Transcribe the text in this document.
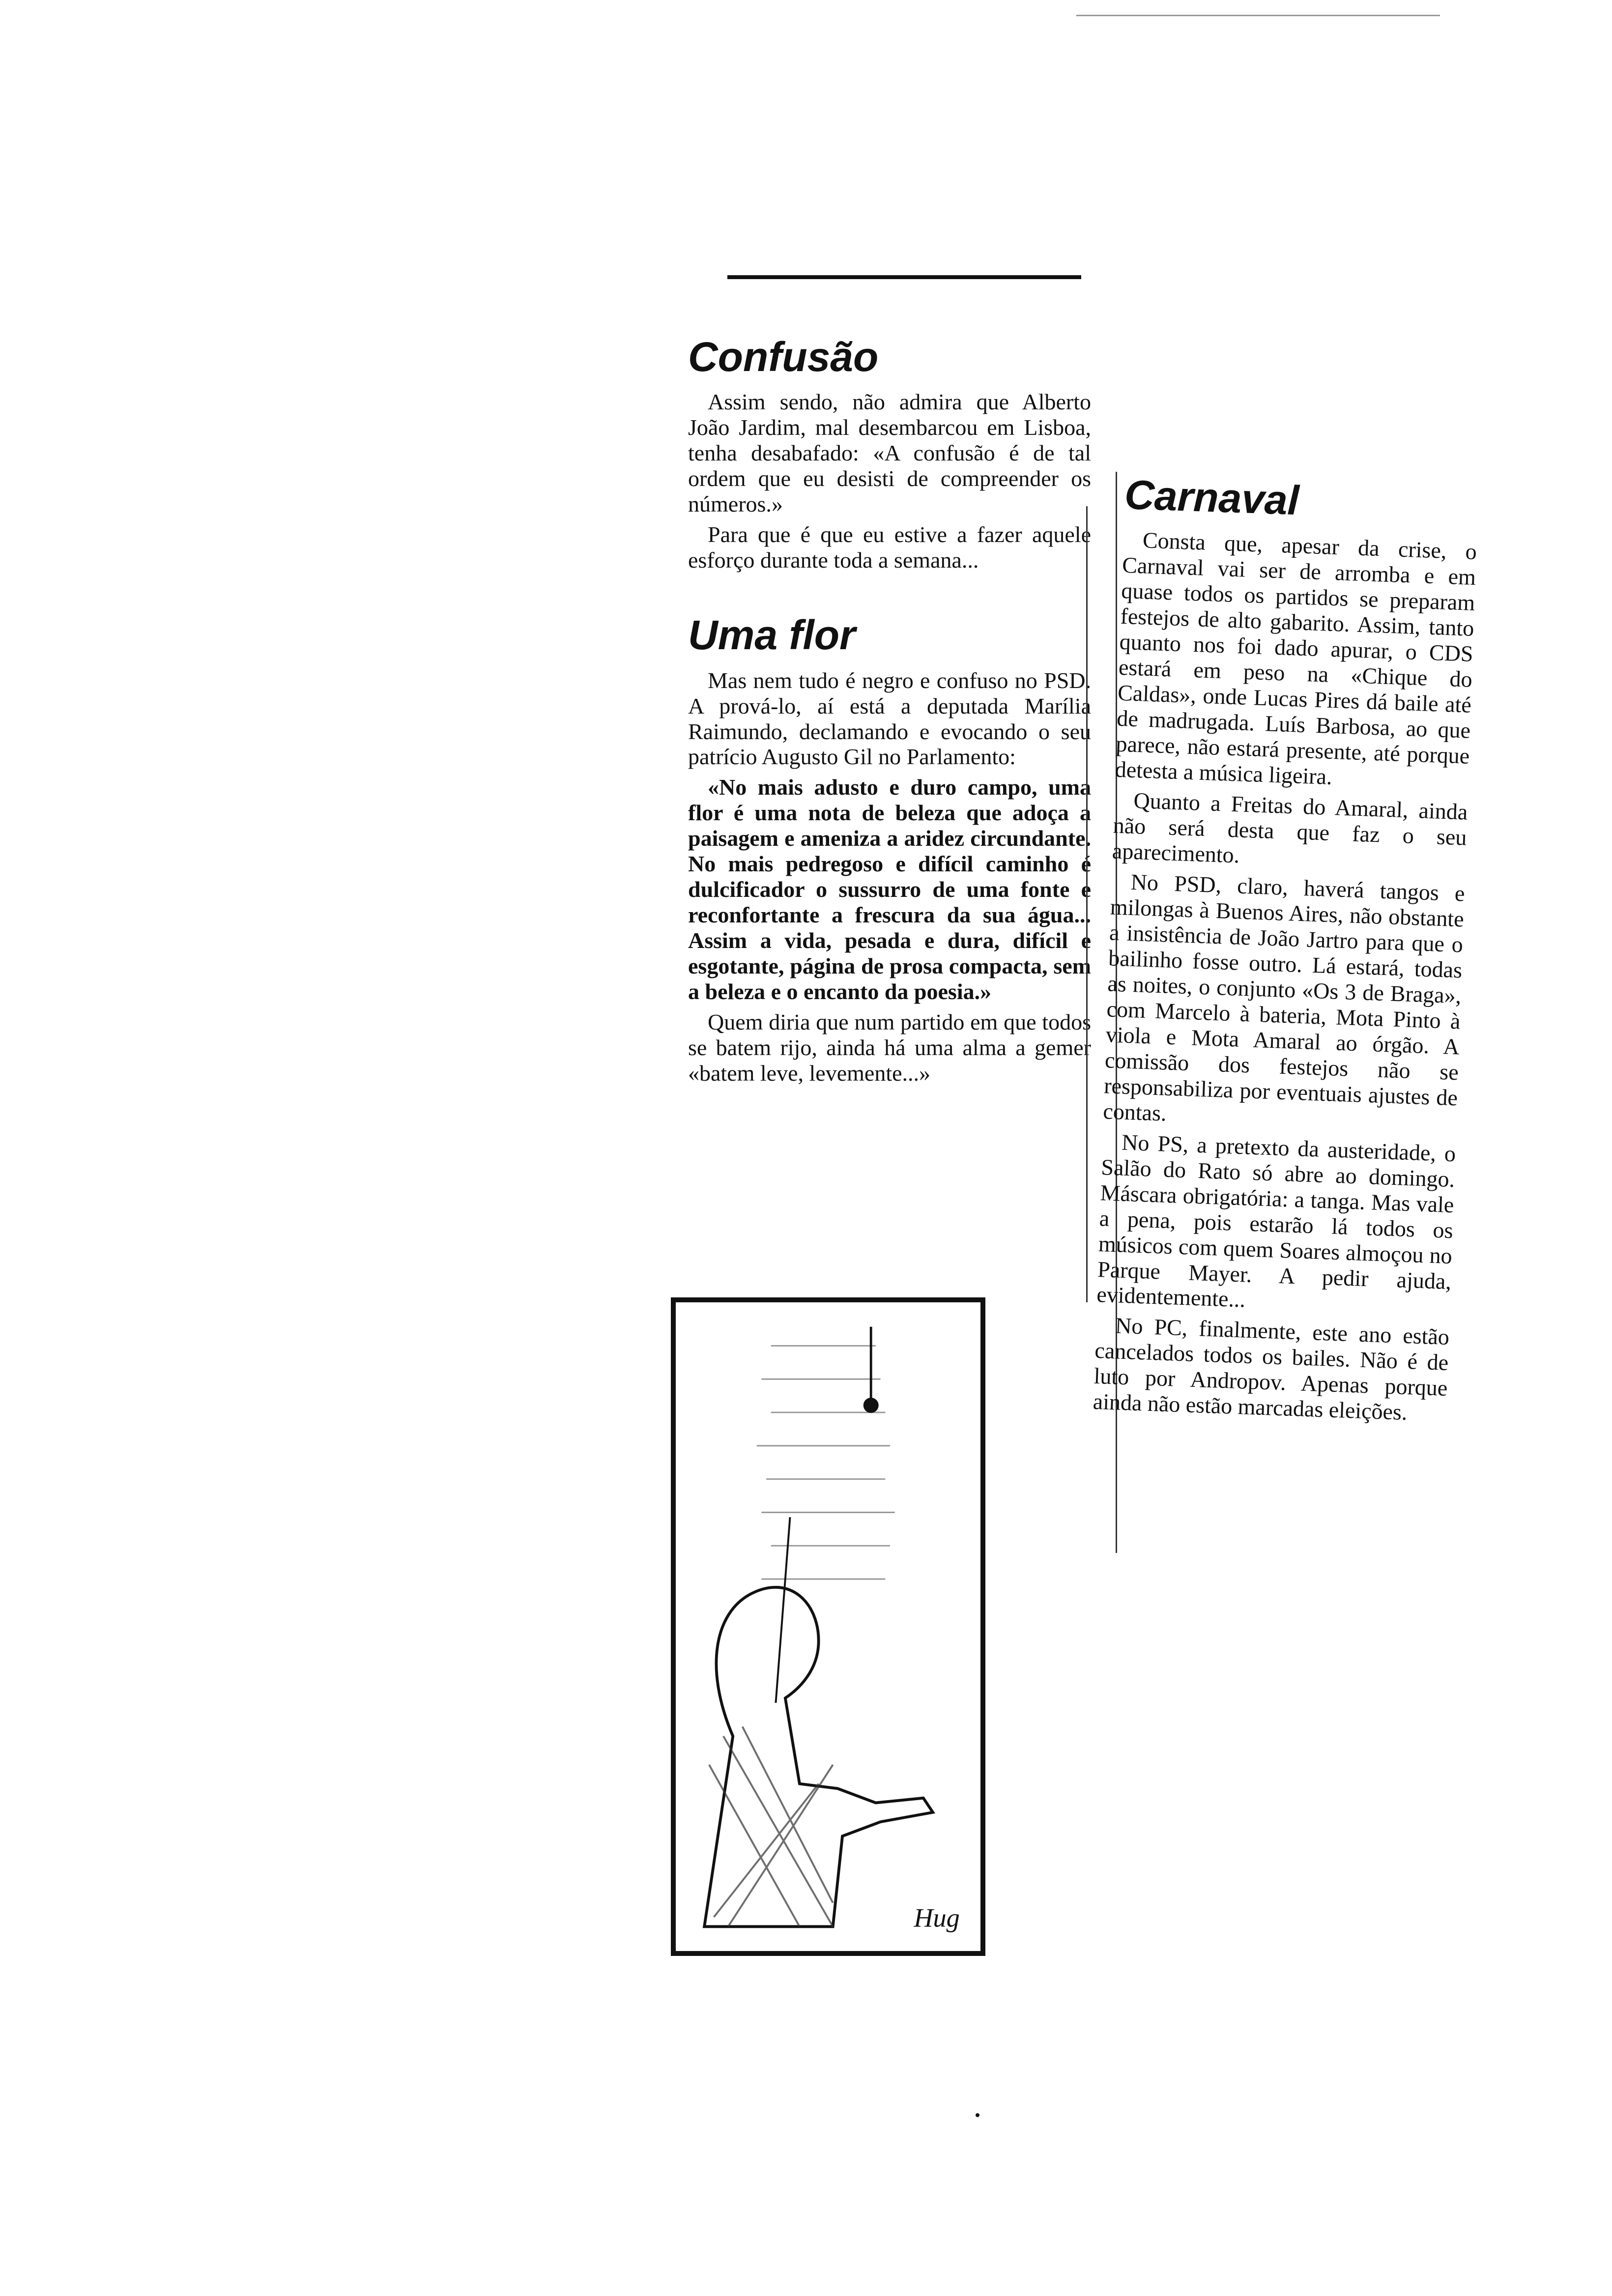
Confusão

Assim sendo, não admira que Alberto João Jardim, mal desembarcou em Lisboa, tenha desabafado: «A confusão é de tal ordem que eu desisti de compreender os números.»

Para que é que eu estive a fazer aquele esforço durante toda a semana...

Uma flor

Mas nem tudo é negro e confuso no PSD. A prová-lo, aí está a deputada Marília Raimundo, declamando e evocando o seu patrício Augusto Gil no Parlamento:

«No mais adusto e duro campo, uma flor é uma nota de beleza que adoça a paisagem e ameniza a aridez circundante. No mais pedregoso e difícil caminho é dulcificador o sussurro de uma fonte e reconfortante a frescura da sua água... Assim a vida, pesada e dura, difícil e esgotante, página de prosa compacta, sem a beleza e o encanto da poesia.»

Quem diria que num partido em que todos se batem rijo, ainda há uma alma a gemer «batem leve, levemente...»

Carnaval

Consta que, apesar da crise, o Carnaval vai ser de arromba e em quase todos os partidos se preparam festejos de alto gabarito. Assim, tanto quanto nos foi dado apurar, o CDS estará em peso na «Chique do Caldas», onde Lucas Pires dá baile até de madrugada. Luís Barbosa, ao que parece, não estará presente, até porque detesta a música ligeira.

Quanto a Freitas do Amaral, ainda não será desta que faz o seu aparecimento.

No PSD, claro, haverá tangos e milongas à Buenos Aires, não obstante a insistência de João Jartro para que o bailinho fosse outro. Lá estará, todas as noites, o conjunto «Os 3 de Braga», com Marcelo à bateria, Mota Pinto à viola e Mota Amaral ao órgão. A comissão dos festejos não se responsabiliza por eventuais ajustes de contas.

No PS, a pretexto da austeridade, o Salão do Rato só abre ao domingo. Máscara obrigatória: a tanga. Mas vale a pena, pois estarão lá todos os músicos com quem Soares almoçou no Parque Mayer. A pedir ajuda, evidentemente...

No PC, finalmente, este ano estão cancelados todos os bailes. Não é de luto por Andropov. Apenas porque ainda não estão marcadas eleições.

Hug
